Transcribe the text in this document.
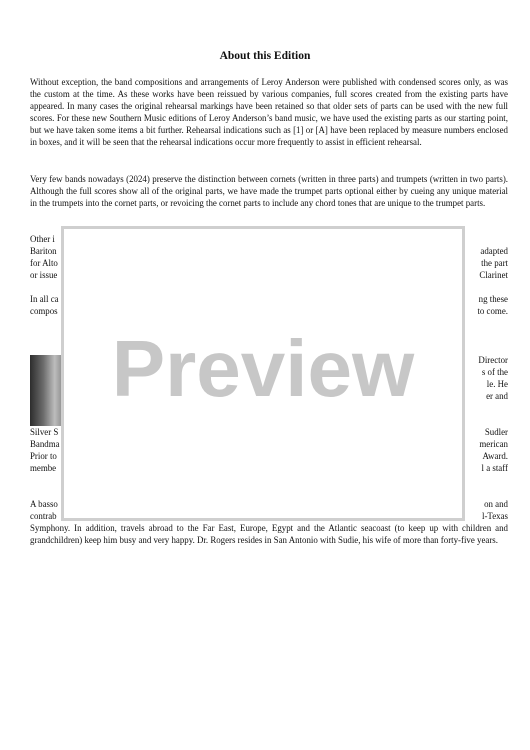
About this Edition

Without exception, the band compositions and arrangements of Leroy Anderson were published with condensed scores only, as was the custom at the time. As these works have been reissued by various companies, full scores created from the existing parts have appeared. In many cases the original rehearsal markings have been retained so that older sets of parts can be used with the new full scores. For these new Southern Music editions of Leroy Anderson’s band music, we have used the existing parts as our starting point, but we have taken some items a bit further. Rehearsal indications such as [1] or [A] have been replaced by measure numbers enclosed in boxes, and it will be seen that the rehearsal indications occur more frequently to assist in efficient rehearsal.

Very few bands nowadays (2024) preserve the distinction between cornets (written in three parts) and trumpets (written in two parts). Although the full scores show all of the original parts, we have made the trumpet parts optional either by cueing any unique material in the trumpets into the cornet parts, or revoicing the cornet parts to include any chord tones that are unique to the trumpet parts.

Other i

Bariton

for Alto

or issue

In all ca

compos

Silver S

Bandma

Prior to

membe

A basso

contrab

adapted

the part

Clarinet

ng these

to come.

Director

s of the

le. He

er and

Sudler

merican

Award.

l a staff

on and

l-Texas

Symphony. In addition, travels abroad to the Far East, Europe, Egypt and the Atlantic seacoast (to keep up with children and grandchildren) keep him busy and very happy. Dr. Rogers resides in San Antonio with Sudie, his wife of more than forty-five years.

Preview
